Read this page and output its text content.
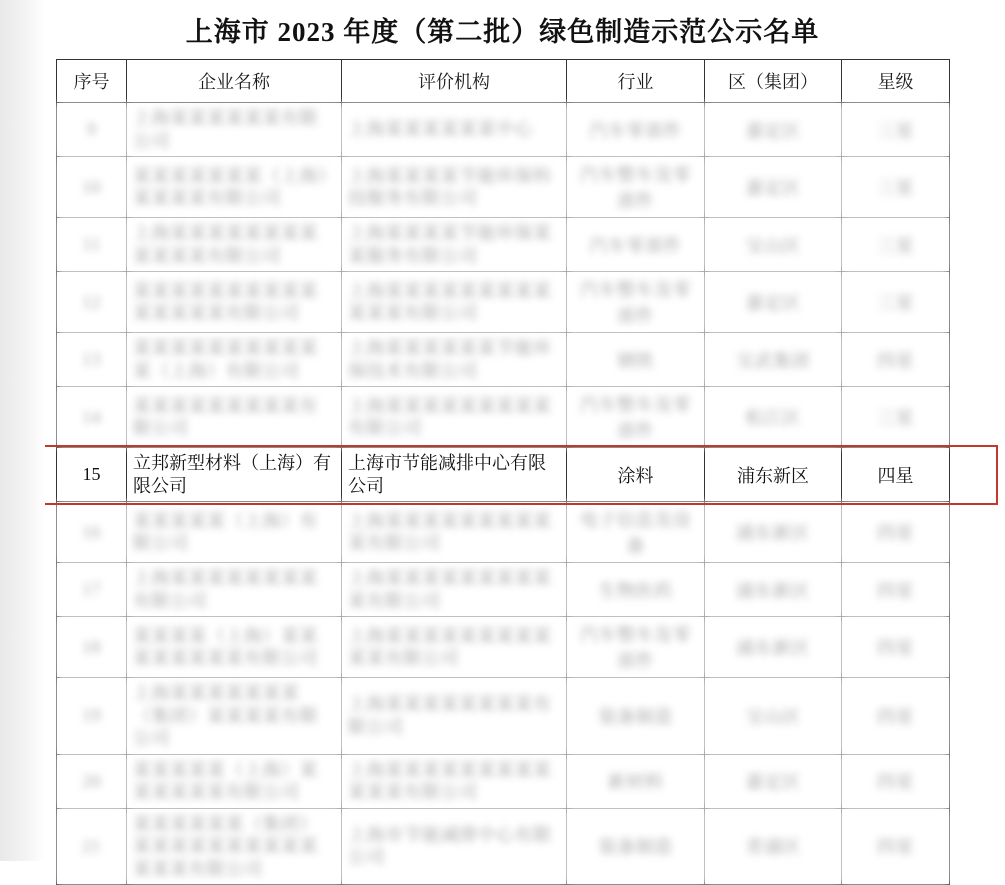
上海市 2023 年度（第二批）绿色制造示范公示名单
序号	企业名称	评价机构	行业	区（集团）	星级
9	上海某某某某某某有限公司	上海某某某某某某中心	汽车零部件	嘉定区	三星
10	某某某某某某某（上海）某某某某有限公司	上海某某某某节能环保科技服务有限公司	汽车整车及零部件	嘉定区	三星
11	上海某某某某某某某某某某某某有限公司	上海某某某某节能环保某某服务有限公司	汽车零部件	宝山区	三星
12	某某某某某某某某某某某某某某某有限公司	上海某某某某某某某某某某某某有限公司	汽车整车及零部件	嘉定区	三星
13	某某某某某某某某某某某（上海）有限公司	上海某某某某某某节能环保技术有限公司	钢铁	宝武集团	四星
14	某某某某某某某某某有限公司	上海某某某某某某某某某有限公司	汽车整车及零部件	松江区	三星
15	立邦新型材料（上海）有限公司	上海市节能减排中心有限公司	涂料	浦东新区	四星
16	某某某某某（上海）有限公司	上海某某某某某某某某某某有限公司	电子信息及设备	浦东新区	四星
17	上海某某某某某某某某有限公司	上海某某某某某某某某某某有限公司	生物医药	浦东新区	四星
18	某某某某（上海）某某某某某某某某有限公司	上海某某某某某某某某某某某有限公司	汽车整车及零部件	浦东新区	四星
19	上海某某某某某某某（集团）某某某某有限公司	上海某某某某某某某某有限公司	装备制造	宝山区	四星
20	某某某某某（上海）某某某某某某有限公司	上海某某某某某某某某某某某某有限公司	新材料	嘉定区	四星
21	某某某某某某（集团）某某某某某某某某某某某某某有限公司	上海市节能减排中心有限公司	装备制造	青浦区	四星
